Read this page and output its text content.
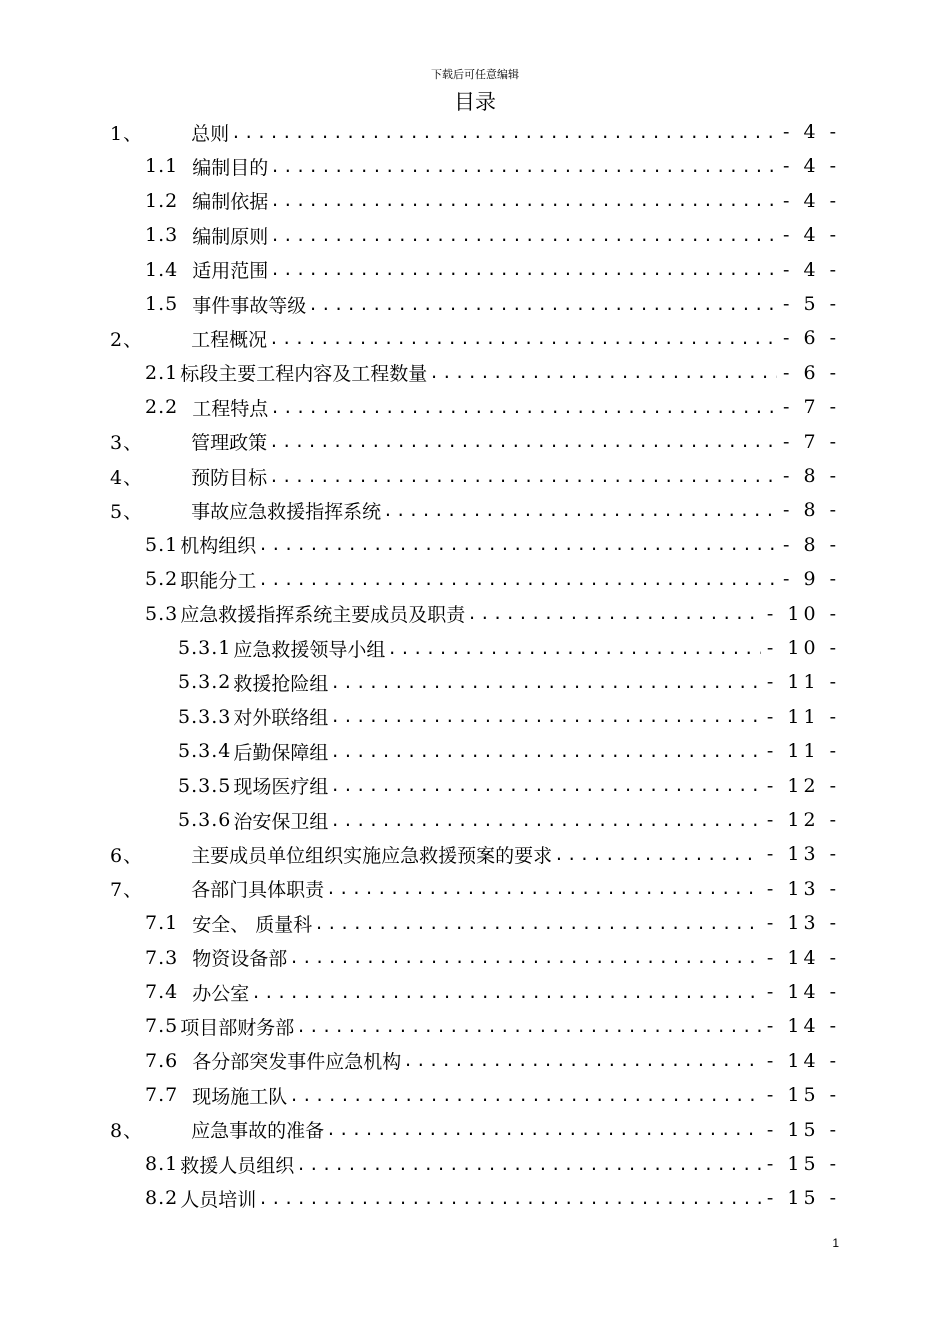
下载后可任意编辑
目录
1、	总则 .....	- 4 -
1.1 编制目的 .....	- 4 -
1.2 编制依据 .....	- 4 -
1.3 编制原则 .....	- 4 -
1.4 适用范围 .....	- 4 -
1.5 事件事故等级 .....	- 5 -
2、	工程概况 .....	- 6 -
2.1 标段主要工程内容及工程数量 .....	- 6 -
2.2 工程特点 .....	- 7 -
3、	管理政策 .....	- 7 -
4、	预防目标 .....	- 8 -
5、	事故应急救援指挥系统 .....	- 8 -
5.1 机构组织 .....	- 8 -
5.2 职能分工 .....	- 9 -
5.3 应急救援指挥系统主要成员及职责 .....	- 10 -
5.3.1 应急救援领导小组 .....	- 10 -
5.3.2 救援抢险组 .....	- 11 -
5.3.3 对外联络组 .....	- 11 -
5.3.4 后勤保障组 .....	- 11 -
5.3.5 现场医疗组 .....	- 12 -
5.3.6 治安保卫组 .....	- 12 -
6、	主要成员单位组织实施应急救援预案的要求 .....	- 13 -
7、	各部门具体职责 .....	- 13 -
7.1 安全、 质量科 .....	- 13 -
7.3 物资设备部 .....	- 14 -
7.4 办公室 .....	- 14 -
7.5 项目部财务部 .....	- 14 -
7.6 各分部突发事件应急机构 .....	- 14 -
7.7 现场施工队 .....	- 15 -
8、	应急事故的准备 .....	- 15 -
8.1 救援人员组织 .....	- 15 -
8.2 人员培训 .....	- 15 -
1
